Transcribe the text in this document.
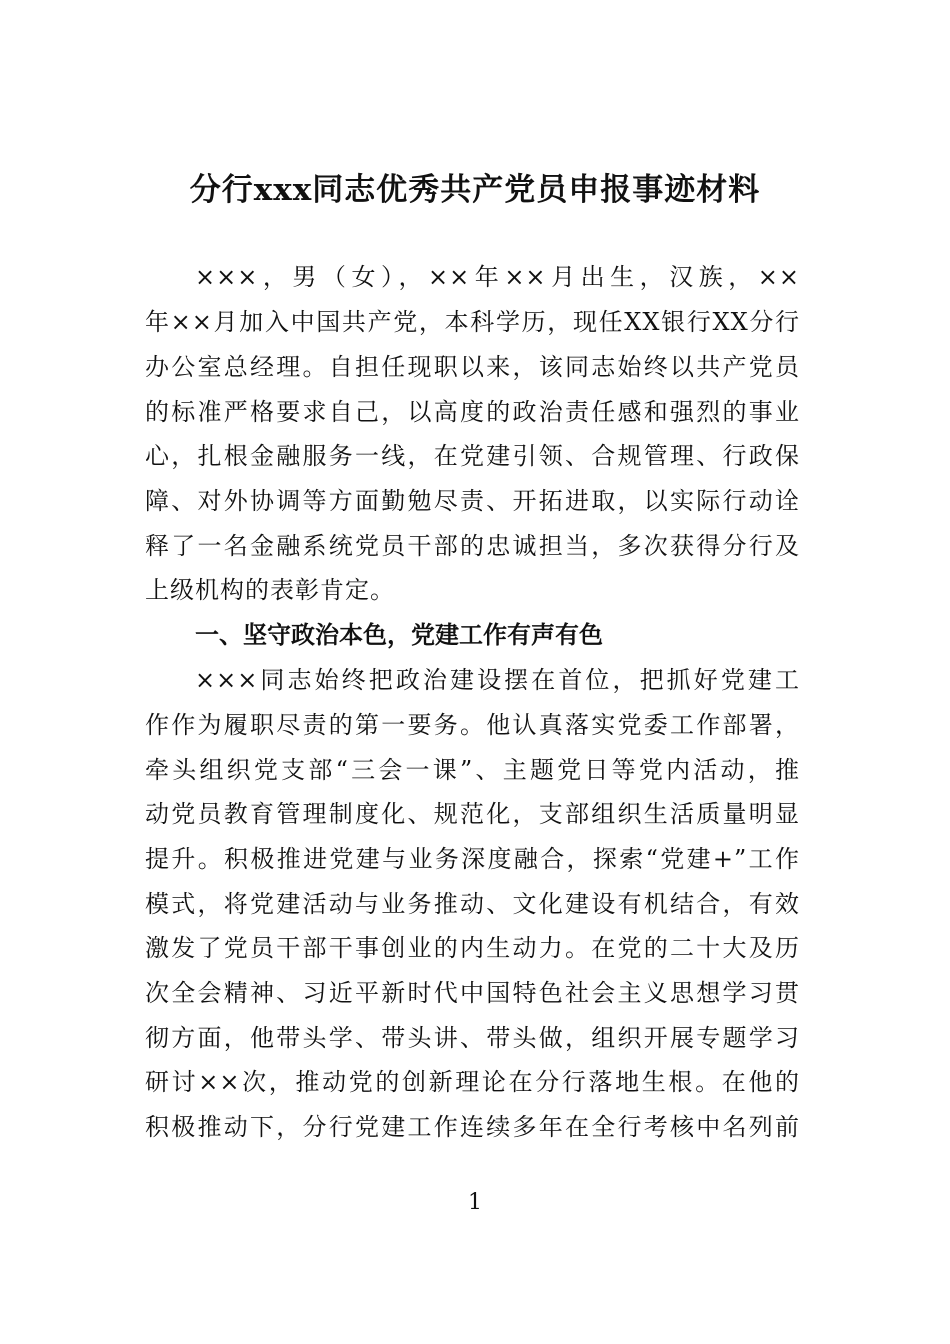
分行xxx同志优秀共产党员申报事迹材料
×××，男（女），××年××月出生，汉族，××
年××月加入中国共产党，本科学历，现任XX银行XX分行
办公室总经理。自担任现职以来，该同志始终以共产党员
的标准严格要求自己，以高度的政治责任感和强烈的事业
心，扎根金融服务一线，在党建引领、合规管理、行政保
障、对外协调等方面勤勉尽责、开拓进取，以实际行动诠
释了一名金融系统党员干部的忠诚担当，多次获得分行及
上级机构的表彰肯定。
一、坚守政治本色，党建工作有声有色
×××同志始终把政治建设摆在首位，把抓好党建工
作作为履职尽责的第一要务。他认真落实党委工作部署，
牵头组织党支部“三会一课”、主题党日等党内活动，推
动党员教育管理制度化、规范化，支部组织生活质量明显
提升。积极推进党建与业务深度融合，探索“党建+”工作
模式，将党建活动与业务推动、文化建设有机结合，有效
激发了党员干部干事创业的内生动力。在党的二十大及历
次全会精神、习近平新时代中国特色社会主义思想学习贯
彻方面，他带头学、带头讲、带头做，组织开展专题学习
研讨××次，推动党的创新理论在分行落地生根。在他的
积极推动下，分行党建工作连续多年在全行考核中名列前
1
